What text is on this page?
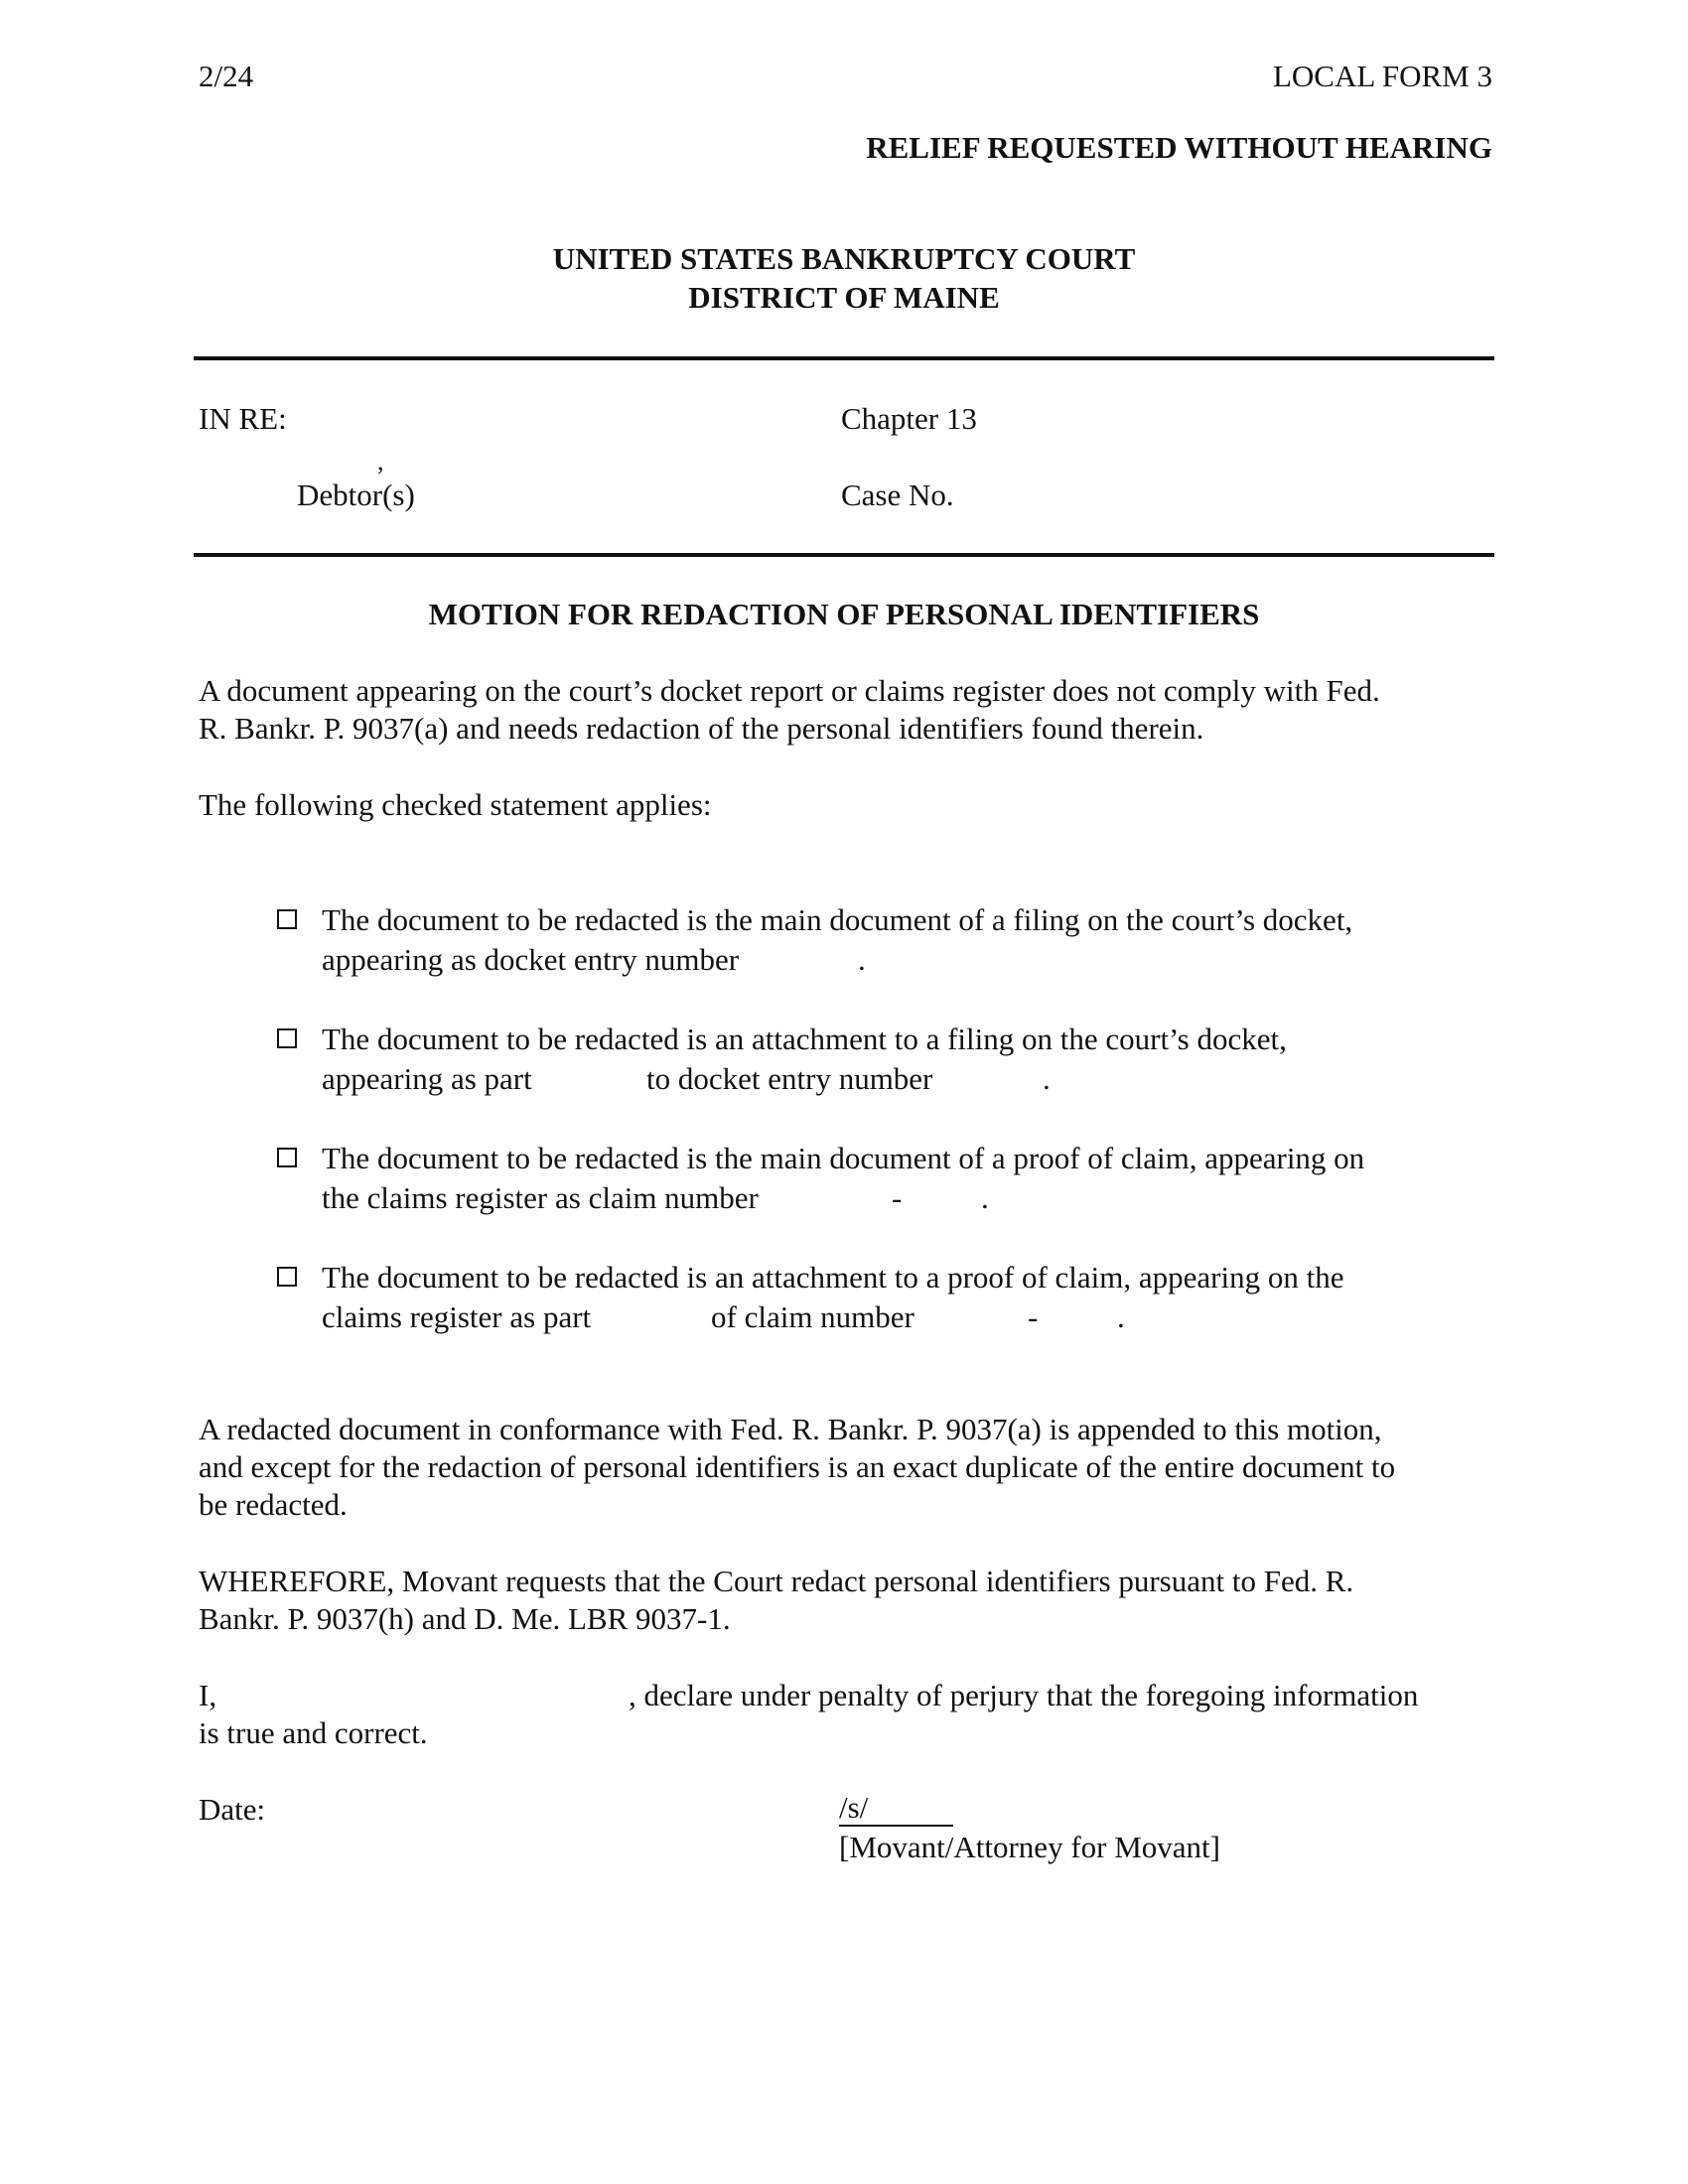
2/24	LOCAL FORM 3
RELIEF REQUESTED WITHOUT HEARING
UNITED STATES BANKRUPTCY COURT
DISTRICT OF MAINE
IN RE:	Chapter 13
,
Debtor(s)	Case No.
MOTION FOR REDACTION OF PERSONAL IDENTIFIERS
A document appearing on the court’s docket report or claims register does not comply with Fed.
R. Bankr. P. 9037(a) and needs redaction of the personal identifiers found therein.
The following checked statement applies:
The document to be redacted is the main document of a filing on the court’s docket,
appearing as docket entry number	.
The document to be redacted is an attachment to a filing on the court’s docket,
appearing as part	to docket entry number	.
The document to be redacted is the main document of a proof of claim, appearing on
the claims register as claim number	-	.
The document to be redacted is an attachment to a proof of claim, appearing on the
claims register as part	of claim number	-	.
A redacted document in conformance with Fed. R. Bankr. P. 9037(a) is appended to this motion,
and except for the redaction of personal identifiers is an exact duplicate of the entire document to
be redacted.
WHEREFORE, Movant requests that the Court redact personal identifiers pursuant to Fed. R.
Bankr. P. 9037(h) and D. Me. LBR 9037-1.
I,	, declare under penalty of perjury that the foregoing information
is true and correct.
Date:	/s/
[Movant/Attorney for Movant]
